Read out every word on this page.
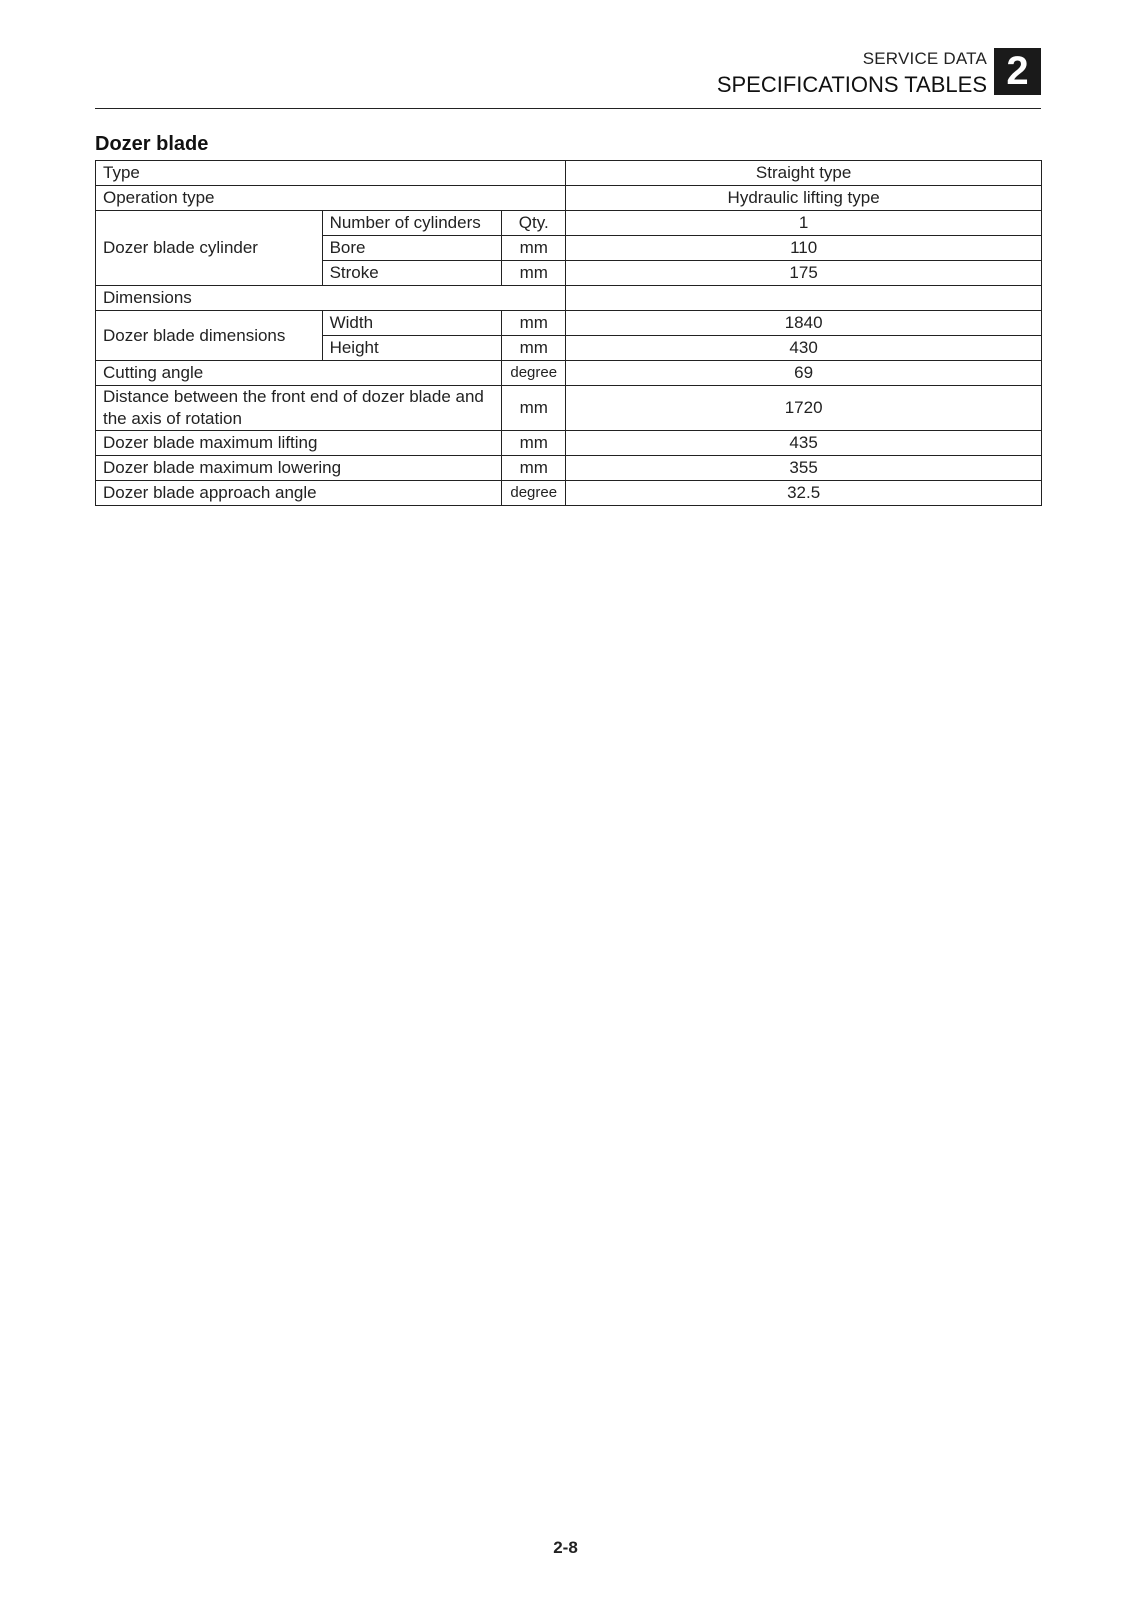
SERVICE DATA
SPECIFICATIONS TABLES 2
Dozer blade
Type			Straight type
Operation type			Hydraulic lifting type
Dozer blade cylinder	Number of cylinders	Qty.	1
	Bore	mm	110
	Stroke	mm	175
Dimensions			
Dozer blade dimensions	Width	mm	1840
	Height	mm	430
Cutting angle		degree	69
Distance between the front end of dozer blade and the axis of rotation		mm	1720
Dozer blade maximum lifting		mm	435
Dozer blade maximum lowering		mm	355
Dozer blade approach angle		degree	32.5
2-8
